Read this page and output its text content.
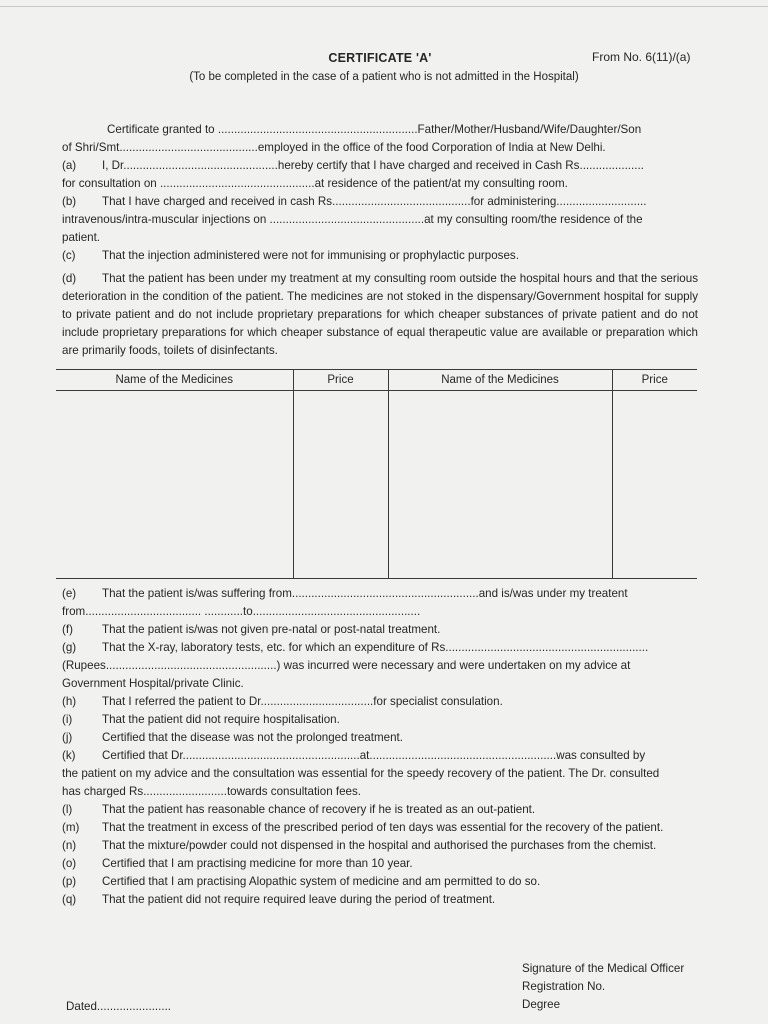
CERTIFICATE 'A'	From No. 6(11)/(a)
(To be completed in the case of a patient who is not admitted in the Hospital)
Certificate granted to ..............................................................Father/Mother/Husband/Wife/Daughter/Son
of Shri/Smt...........................................employed in the office of the food Corporation of India at New Delhi.
(a) I, Dr................................................hereby certify that I have charged and received in Cash Rs....................
for consultation on ................................................at residence of the patient/at my consulting room.
(b) That I have charged and received in cash Rs...........................................for administering............................
intravenous/intra-muscular injections on ................................................at my consulting room/the residence of the
patient.
(c) That the injection administered were not for immunising or prophylactic purposes.
(d) That the patient has been under my treatment at my consulting room outside the hospital hours and that the serious deterioration in the condition of the patient. The medicines are not stoked in the dispensary/Government hospital for supply to private patient and do not include proprietary preparations for which cheaper substances of private patient and do not include proprietary preparations for which cheaper substance of equal therapeutic value are available or preparation which are primarily foods, toilets of disinfectants.
Name of the Medicines	Price	Name of the Medicines	Price

(e) That the patient is/was suffering from..........................................................and is/was under my treatent
from.................................... ............to....................................................
(f)	That the patient is/was not given pre-natal or post-natal treatment.
(g) That the X-ray, laboratory tests, etc. for which an expenditure of Rs...............................................................
(Rupees.....................................................) was incurred were necessary and were undertaken on my advice at
Government Hospital/private Clinic.
(h) That I referred the patient to Dr...................................for specialist consulation.
(i)	That the patient did not require hospitalisation.
(j)	Certified that the disease was not the prolonged treatment.
(k) Certified that Dr.......................................................at..........................................................was consulted by
the patient on my advice and the consultation was essential for the speedy recovery of the patient. The Dr. consulted
has charged Rs..........................towards consultation fees.
(l)	That the patient has reasonable chance of recovery if he is treated as an out-patient.
(m) That the treatment in excess of the prescribed period of ten days was essential for the recovery of the patient.
(n) That the mixture/powder could not dispensed in the hospital and authorised the purchases from the chemist.
(o) Certified that I am practising medicine for more than 10 year.
(p) Certified that I am practising Alopathic system of medicine and am permitted to do so.
(q) That the patient did not require required leave during the period of treatment.
Signature of the Medical Officer
Registration No.
Degree
Dated.......................
